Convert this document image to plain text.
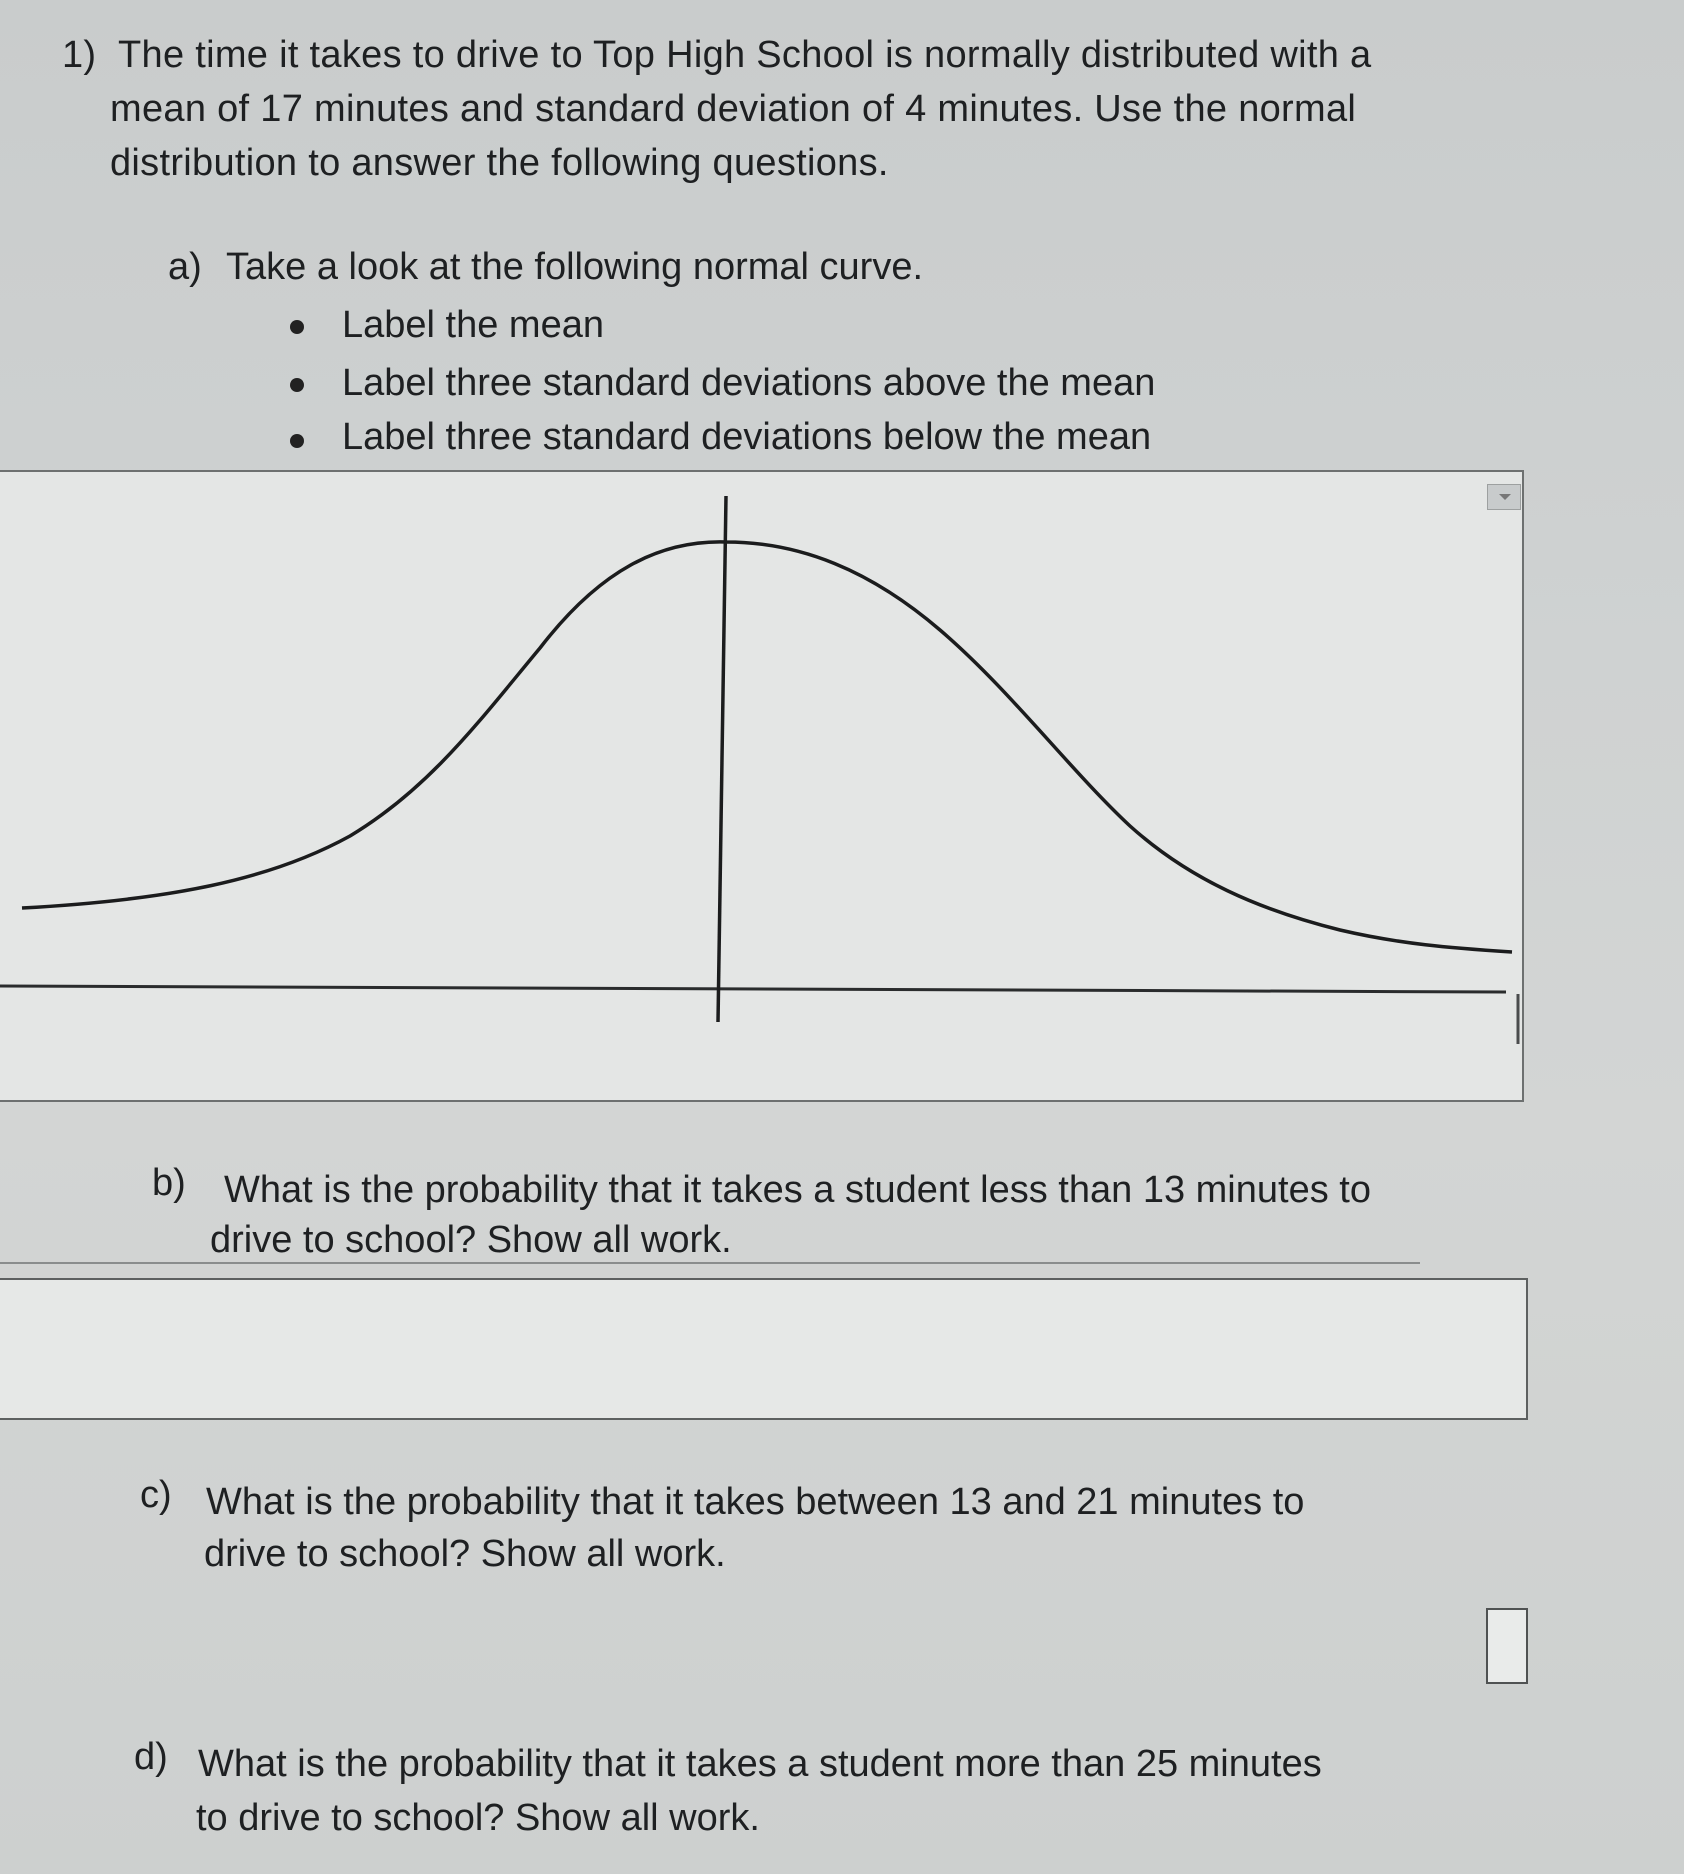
1) The time it takes to drive to Top High School is normally distributed with a
mean of 17 minutes and standard deviation of 4 minutes. Use the normal
distribution to answer the following questions.
a) Take a look at the following normal curve.
Label the mean
Label three standard deviations above the mean
Label three standard deviations below the mean
b) What is the probability that it takes a student less than 13 minutes to
drive to school? Show all work.
c) What is the probability that it takes between 13 and 21 minutes to
drive to school? Show all work.
d) What is the probability that it takes a student more than 25 minutes
to drive to school? Show all work.
